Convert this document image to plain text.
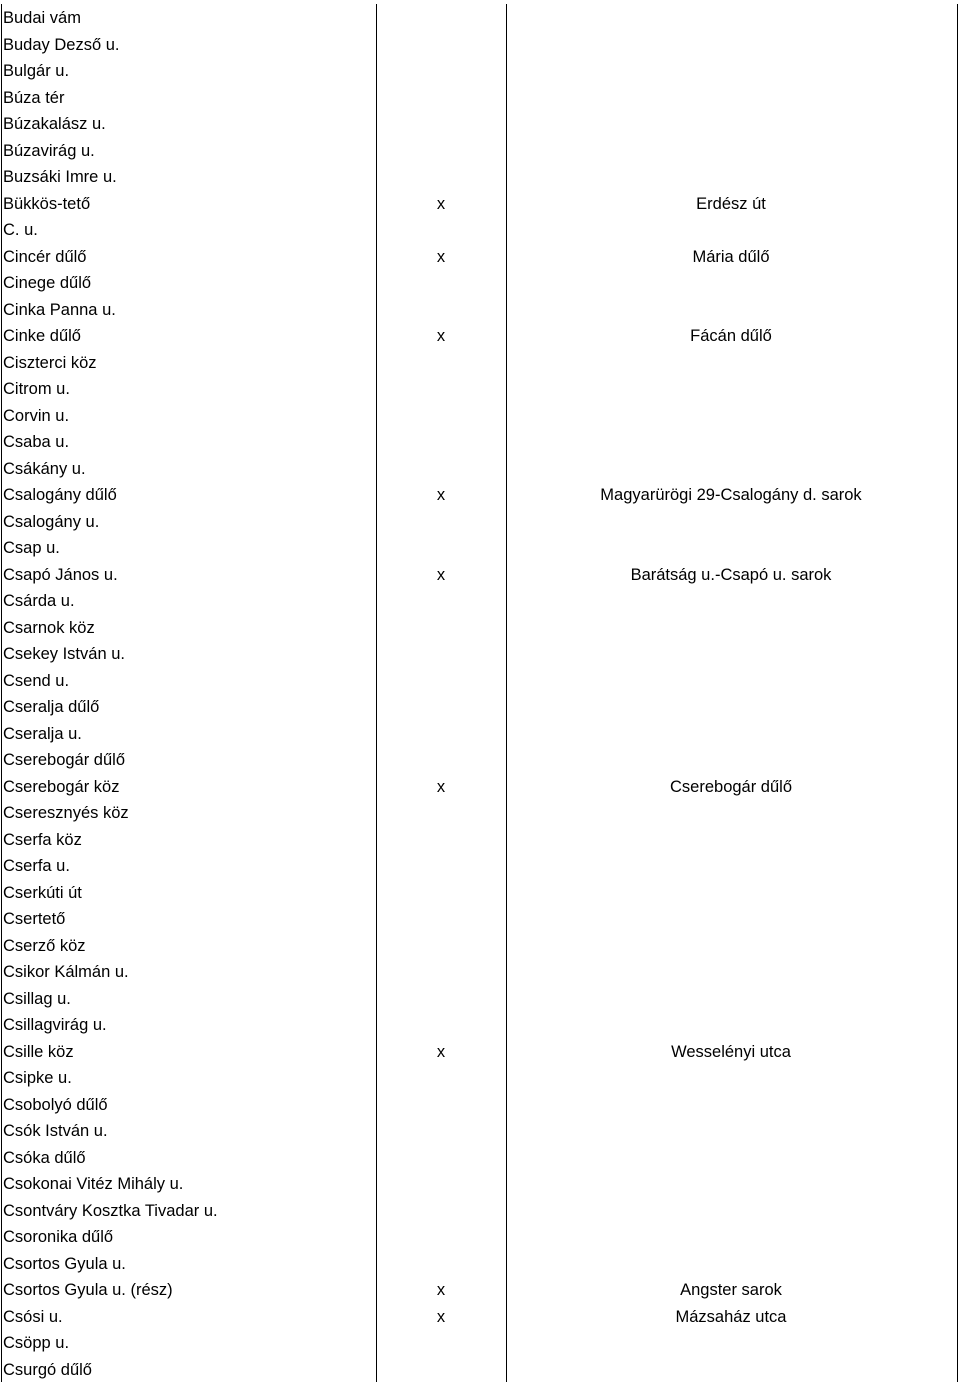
Budai vám
Buday Dezső u.
Bulgár u.
Búza tér
Búzakalász u.
Búzavirág u.
Buzsáki Imre u.
Bükkös-tető	x	Erdész út
C. u.
Cincér dűlő	x	Mária dűlő
Cinege dűlő
Cinka Panna u.
Cinke dűlő	x	Fácán dűlő
Ciszterci köz
Citrom u.
Corvin u.
Csaba u.
Csákány u.
Csalogány dűlő	x	Magyarürögi 29-Csalogány d. sarok
Csalogány u.
Csap u.
Csapó János u.	x	Barátság u.-Csapó u. sarok
Csárda u.
Csarnok köz
Csekey István u.
Csend u.
Cseralja dűlő
Cseralja u.
Cserebogár dűlő
Cserebogár köz	x	Cserebogár dűlő
Cseresznyés köz
Cserfa köz
Cserfa u.
Cserkúti út
Csertető
Cserző köz
Csikor Kálmán u.
Csillag u.
Csillagvirág u.
Csille köz	x	Wesselényi utca
Csipke u.
Csobolyó dűlő
Csók István u.
Csóka dűlő
Csokonai Vitéz Mihály u.
Csontváry Kosztka Tivadar u.
Csoronika dűlő
Csortos Gyula u.
Csortos Gyula u. (rész)	x	Angster sarok
Csósi u.	x	Mázsaház utca
Csöpp u.
Csurgó dűlő
